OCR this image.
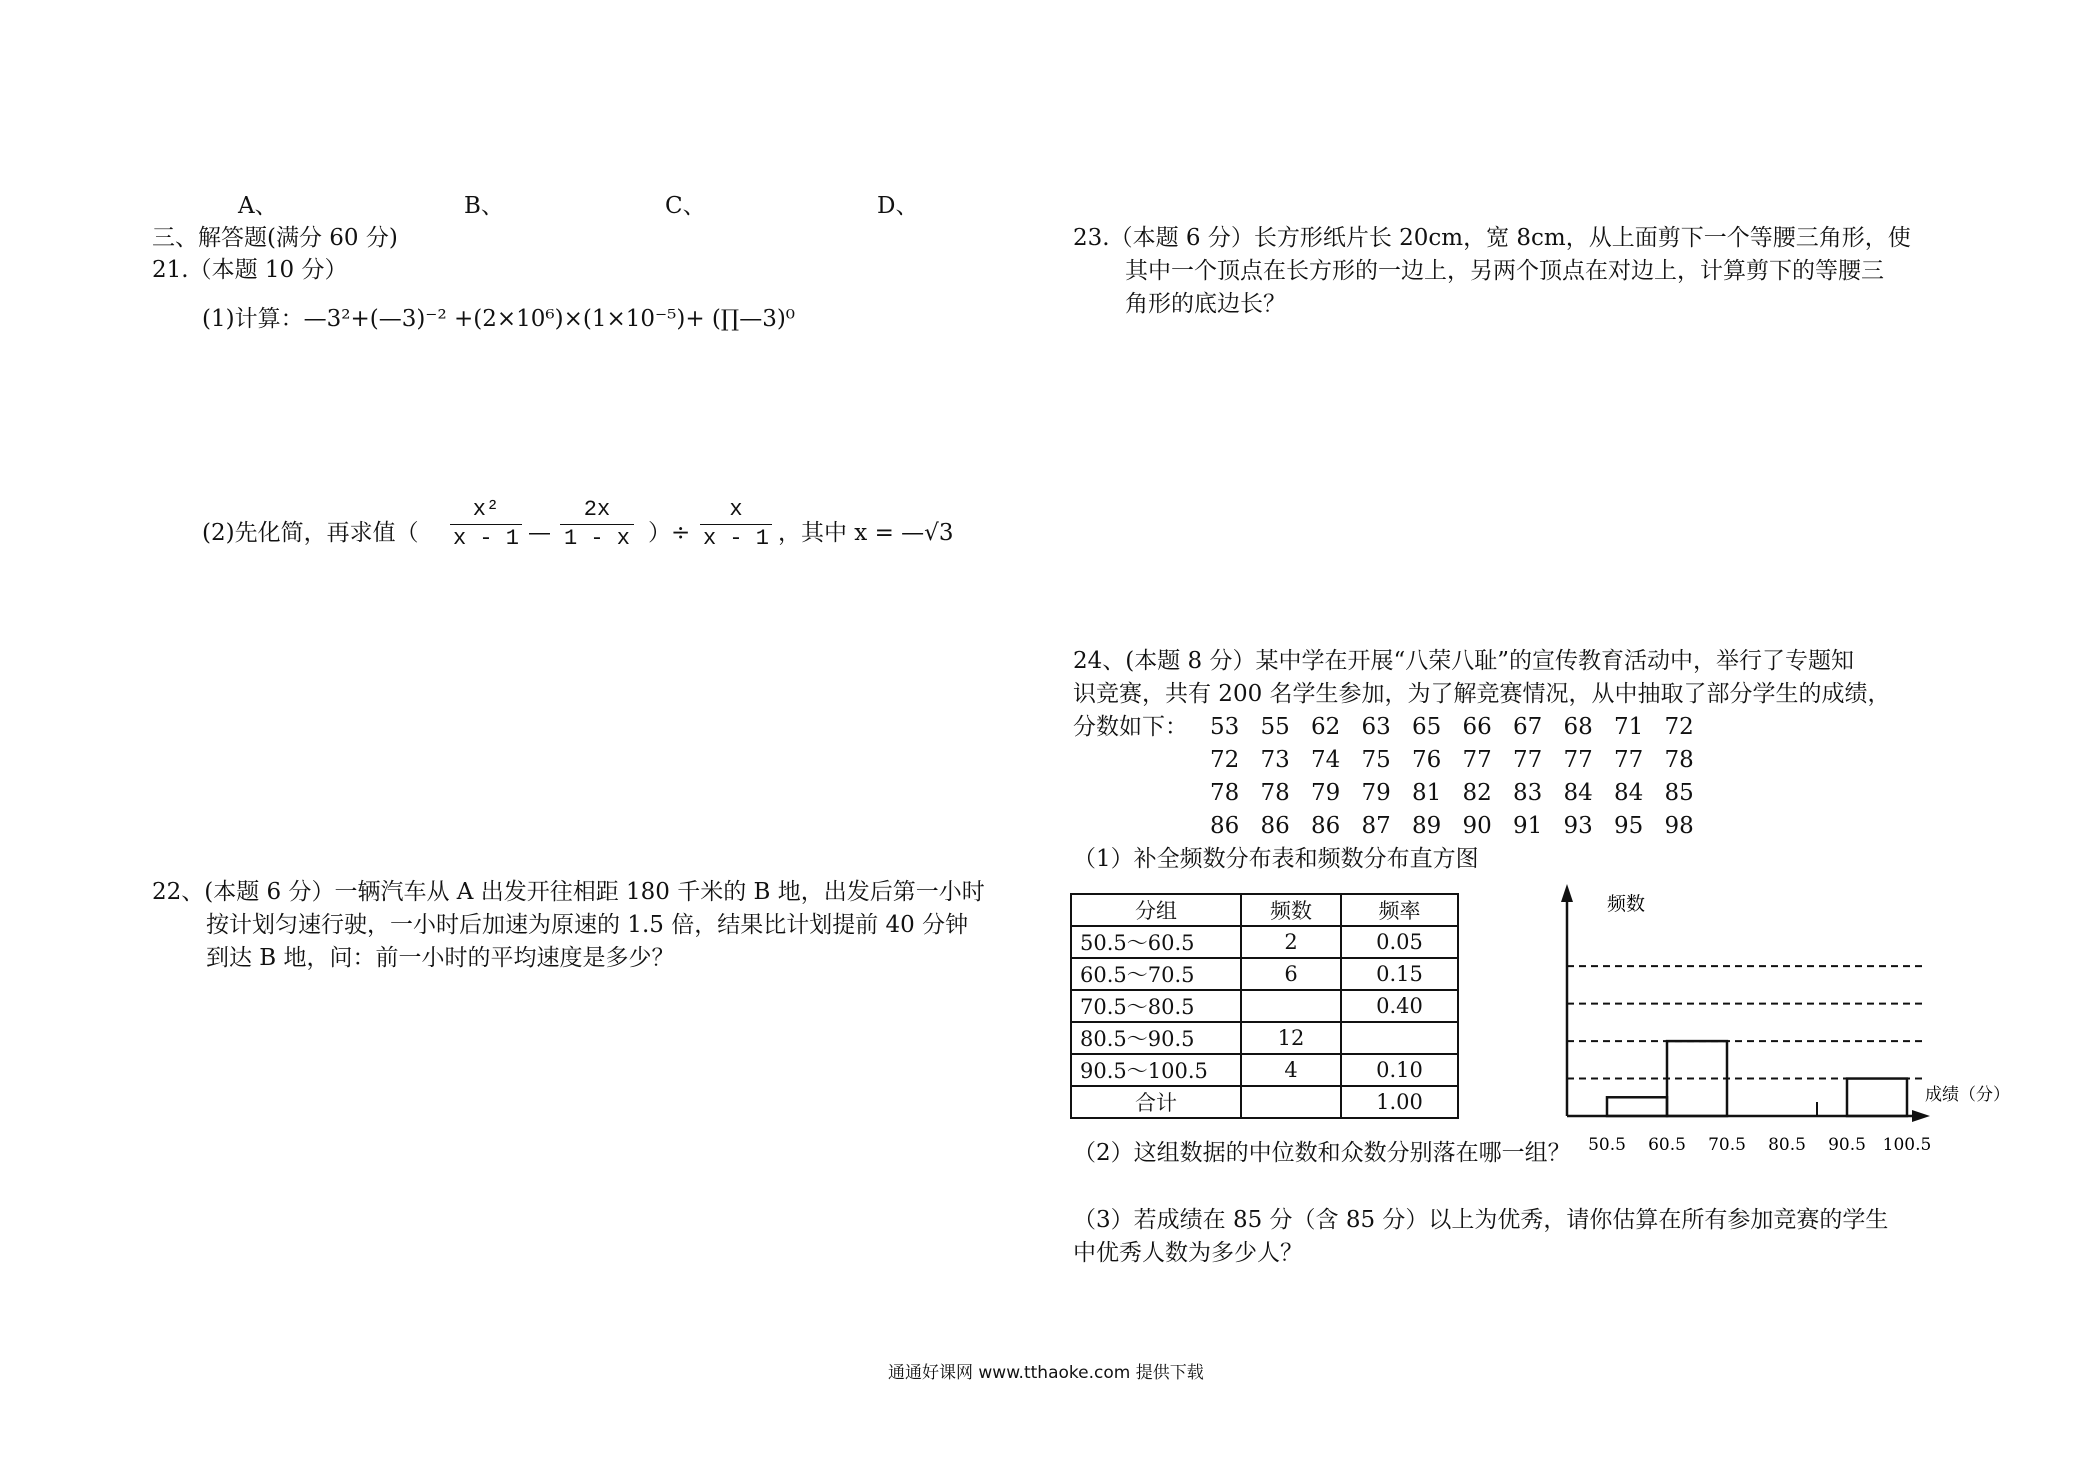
A、	B、	C、	D、
三、解答题(满分 60 分)
21.（本题 10 分）
(1)计算：—3²+(—3)⁻² +(2×10⁶)×(1×10⁻⁵)+ (∏—3)⁰
(2)先化简，再求值（
x²
x - 1 —
2x
1 - x ）÷
x
x - 1 ，其中 x = —√3
22、(本题 6 分）一辆汽车从 A 出发开往相距 180 千米的 B 地，出发后第一小时
按计划匀速行驶，一小时后加速为原速的 1.5 倍，结果比计划提前 40 分钟
到达 B 地，问：前一小时的平均速度是多少？
23.（本题 6 分）长方形纸片长 20cm，宽 8cm，从上面剪下一个等腰三角形，使
其中一个顶点在长方形的一边上，另两个顶点在对边上，计算剪下的等腰三
角形的底边长？
24、(本题 8 分）某中学在开展“八荣八耻”的宣传教育活动中，举行了专题知
识竞赛，共有 200 名学生参加，为了解竞赛情况，从中抽取了部分学生的成绩，
分数如下： 53 55 62 63 65 66 67 68 71 72
72 73 74 75 76 77 77 77 77 78
78 78 79 79 81 82 83 84 84 85
86 86 86 87 89 90 91 93 95 98
（1）补全频数分布表和频数分布直方图
分组	频数	频率
50.5～60.5	2	0.05
60.5～70.5	6	0.15
70.5～80.5		0.40
80.5～90.5	12	
90.5～100.5	4	0.10
合计		1.00
频数
成绩（分）
50.5 60.5 70.5 80.5 90.5 100.5
（2）这组数据的中位数和众数分别落在哪一组？
（3）若成绩在 85 分（含 85 分）以上为优秀，请你估算在所有参加竞赛的学生
中优秀人数为多少人？
通通好课网 www.tthaoke.com 提供下载
